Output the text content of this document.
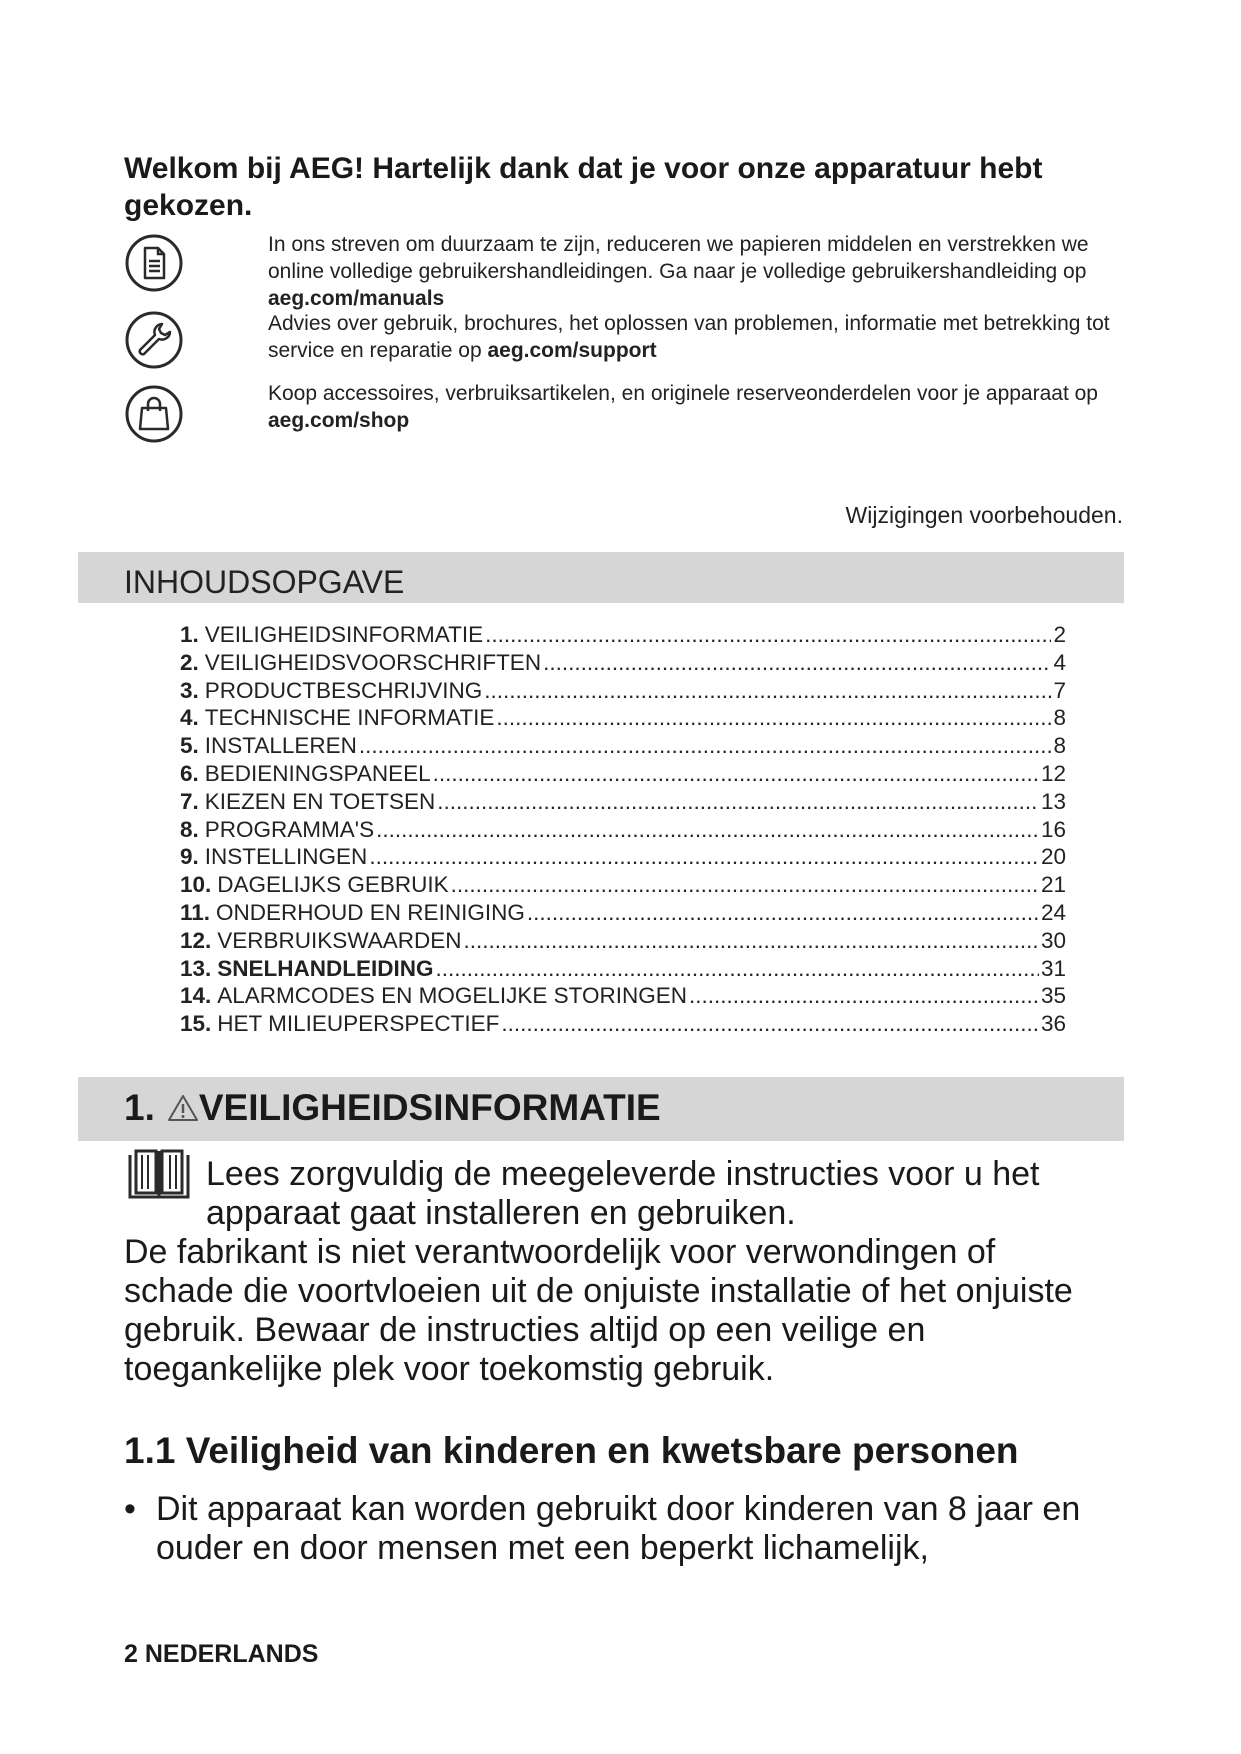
Welkom bij AEG! Hartelijk dank dat je voor onze apparatuur hebt gekozen.
In ons streven om duurzaam te zijn, reduceren we papieren middelen en verstrekken we online volledige gebruikershandleidingen. Ga naar je volledige gebruikershandleiding op aeg.com/manuals
Advies over gebruik, brochures, het oplossen van problemen, informatie met betrekking tot service en reparatie op aeg.com/support
Koop accessoires, verbruiksartikelen, en originele reserveonderdelen voor je apparaat op aeg.com/shop
Wijzigingen voorbehouden.
INHOUDSOPGAVE
1. VEILIGHEIDSINFORMATIE .....	2
2. VEILIGHEIDSVOORSCHRIFTEN .....	4
3. PRODUCTBESCHRIJVING .....	7
4. TECHNISCHE INFORMATIE .....	8
5. INSTALLEREN .....	8
6. BEDIENINGSPANEEL .....	12
7. KIEZEN EN TOETSEN .....	13
8. PROGRAMMA'S .....	16
9. INSTELLINGEN .....	20
10. DAGELIJKS GEBRUIK .....	21
11. ONDERHOUD EN REINIGING .....	24
12. VERBRUIKSWAARDEN .....	30
13. SNELHANDLEIDING .....	31
14. ALARMCODES EN MOGELIJKE STORINGEN .....	35
15. HET MILIEUPERSPECTIEF .....	36
1. VEILIGHEIDSINFORMATIE
Lees zorgvuldig de meegeleverde instructies voor u het apparaat gaat installeren en gebruiken.
De fabrikant is niet verantwoordelijk voor verwondingen of schade die voortvloeien uit de onjuiste installatie of het onjuiste gebruik. Bewaar de instructies altijd op een veilige en toegankelijke plek voor toekomstig gebruik.
1.1 Veiligheid van kinderen en kwetsbare personen
• Dit apparaat kan worden gebruikt door kinderen van 8 jaar en ouder en door mensen met een beperkt lichamelijk,
2 NEDERLANDS
